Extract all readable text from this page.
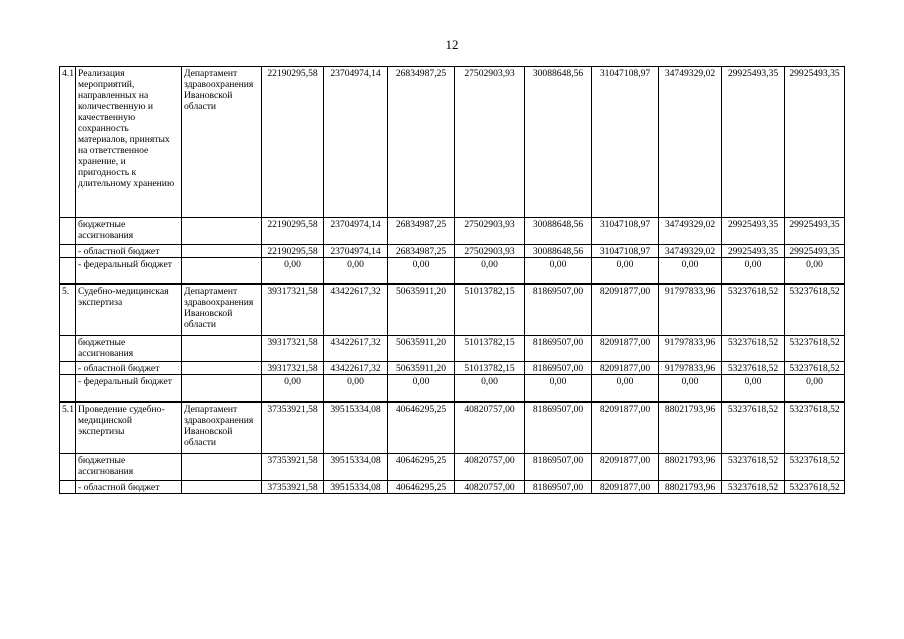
12
4.1	Реализация мероприятий, направленных на количественную и качественную сохранность материалов, принятых на ответственное хранение, и пригодность к длительному хранению	Департамент здравоохранения Ивановской области	22190295,58	23704974,14	26834987,25	27502903,93	30088648,56	31047108,97	34749329,02	29925493,35	29925493,35
	бюджетные ассигнования		22190295,58	23704974,14	26834987,25	27502903,93	30088648,56	31047108,97	34749329,02	29925493,35	29925493,35
	- областной бюджет		22190295,58	23704974,14	26834987,25	27502903,93	30088648,56	31047108,97	34749329,02	29925493,35	29925493,35
	- федеральный бюджет		0,00	0,00	0,00	0,00	0,00	0,00	0,00	0,00	0,00
5.	Судебно-медицинская экспертиза	Департамент здравоохранения Ивановской области	39317321,58	43422617,32	50635911,20	51013782,15	81869507,00	82091877,00	91797833,96	53237618,52	53237618,52
	бюджетные ассигнования		39317321,58	43422617,32	50635911,20	51013782,15	81869507,00	82091877,00	91797833,96	53237618,52	53237618,52
	- областной бюджет		39317321,58	43422617,32	50635911,20	51013782,15	81869507,00	82091877,00	91797833,96	53237618,52	53237618,52
	- федеральный бюджет		0,00	0,00	0,00	0,00	0,00	0,00	0,00	0,00	0,00
5.1	Проведение судебно-медицинской экспертизы	Департамент здравоохранения Ивановской области	37353921,58	39515334,08	40646295,25	40820757,00	81869507,00	82091877,00	88021793,96	53237618,52	53237618,52
	бюджетные ассигнования		37353921,58	39515334,08	40646295,25	40820757,00	81869507,00	82091877,00	88021793,96	53237618,52	53237618,52
	- областной бюджет		37353921,58	39515334,08	40646295,25	40820757,00	81869507,00	82091877,00	88021793,96	53237618,52	53237618,52
